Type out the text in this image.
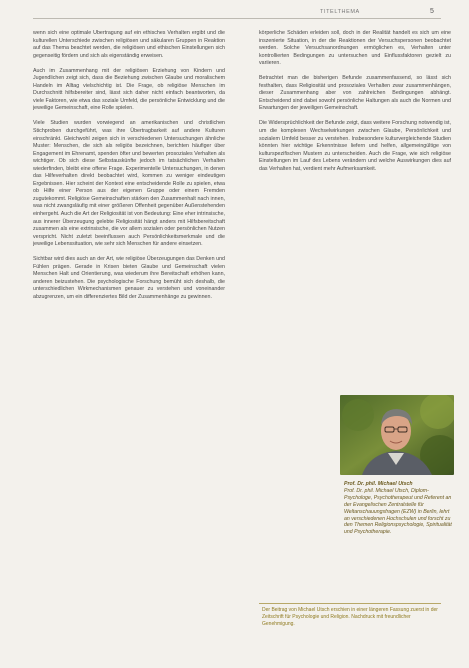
TITELTHEMA	5

wenn sich eine optimale Übertragung auf ein ethisches Verhalten ergibt und die kulturellen Unterschiede zwischen religiösen und säkularen Gruppen in Reaktion auf das Thema beachtet werden, die religiösen und ethischen Einstellungen sich gegenseitig fördern und sich als eigenständig erweisen.

Auch im Zusammenhang mit der religiösen Erziehung von Kindern und Jugendlichen zeigt sich, dass die Beziehung zwischen Glaube und moralischem Handeln im Alltag vielschichtig ist. Die Frage, ob religiöse Menschen im Durchschnitt hilfsbereiter sind, lässt sich daher nicht einfach beantworten, da viele Faktoren, wie etwa das soziale Umfeld, die persönliche Entwicklung und die jeweilige Gemeinschaft, eine Rolle spielen.

Viele Studien wurden vorwiegend an amerikanischen und christlichen Stichproben durchgeführt, was ihre Übertragbarkeit auf andere Kulturen einschränkt. Gleichwohl zeigen sich in verschiedenen Untersuchungen ähnliche Muster: Menschen, die sich als religiös bezeichnen, berichten häufiger über Engagement im Ehrenamt, spenden öfter und bewerten prosoziales Verhalten als wichtiger. Ob sich diese Selbstauskünfte jedoch im tatsächlichen Verhalten wiederfinden, bleibt eine offene Frage. Experimentelle Untersuchungen, in denen das Hilfeverhalten direkt beobachtet wird, kommen zu weniger eindeutigen Ergebnissen. Hier scheint der Kontext eine entscheidende Rolle zu spielen, etwa ob Hilfe einer Person aus der eigenen Gruppe oder einem Fremden zugutekommt. Religiöse Gemeinschaften stärken den Zusammenhalt nach innen, was nicht zwangsläufig mit einer größeren Offenheit gegenüber Außenstehenden einhergeht. Auch die Art der Religiosität ist von Bedeutung: Eine eher intrinsische, aus innerer Überzeugung gelebte Religiosität hängt anders mit Hilfsbereitschaft zusammen als eine extrinsische, die vor allem sozialen oder persönlichen Nutzen verspricht. Nicht zuletzt beeinflussen auch Persönlichkeitsmerkmale und die jeweilige Lebenssituation, wie sehr sich Menschen für andere einsetzen.

Sichtbar wird dies auch an der Art, wie religiöse Überzeugungen das Denken und Fühlen prägen. Gerade in Krisen bieten Glaube und Gemeinschaft vielen Menschen Halt und Orientierung, was wiederum ihre Bereitschaft erhöhen kann, anderen beizustehen. Die psychologische Forschung bemüht sich deshalb, die unterschiedlichen Wirkmechanismen genauer zu verstehen und voneinander abzugrenzen, um ein differenziertes Bild der Zusammenhänge zu gewinnen.

körperliche Schäden erleiden soll, doch in der Realität handelt es sich um eine inszenierte Situation, in der die Reaktionen der Versuchspersonen beobachtet werden. Solche Versuchsanordnungen ermöglichen es, Verhalten unter kontrollierten Bedingungen zu untersuchen und Einflussfaktoren gezielt zu variieren.

Betrachtet man die bisherigen Befunde zusammenfassend, so lässt sich festhalten, dass Religiosität und prosoziales Verhalten zwar zusammenhängen, dieser Zusammenhang aber von zahlreichen Bedingungen abhängt. Entscheidend sind dabei sowohl persönliche Haltungen als auch die Normen und Erwartungen der jeweiligen Gemeinschaft.

Die Widersprüchlichkeit der Befunde zeigt, dass weitere Forschung notwendig ist, um die komplexen Wechselwirkungen zwischen Glaube, Persönlichkeit und sozialem Umfeld besser zu verstehen. Insbesondere kulturvergleichende Studien könnten hier wichtige Erkenntnisse liefern und helfen, allgemeingültige von kulturspezifischen Mustern zu unterscheiden. Auch die Frage, wie sich religiöse Einstellungen im Lauf des Lebens verändern und welche Auswirkungen dies auf das Verhalten hat, verdient mehr Aufmerksamkeit.

Prof. Dr. phil. Michael Utsch
Prof. Dr. phil. Michael Utsch, Diplom-Psychologe, Psychotherapeut und Referent an der Evangelischen Zentralstelle für Weltanschauungsfragen (EZW) in Berlin, lehrt an verschiedenen Hochschulen und forscht zu den Themen Religionspsychologie, Spiritualität und Psychotherapie.
Der Beitrag von Michael Utsch erschien in einer längeren Fassung zuerst in der Zeitschrift für Psychologie und Religion. Nachdruck mit freundlicher Genehmigung.
